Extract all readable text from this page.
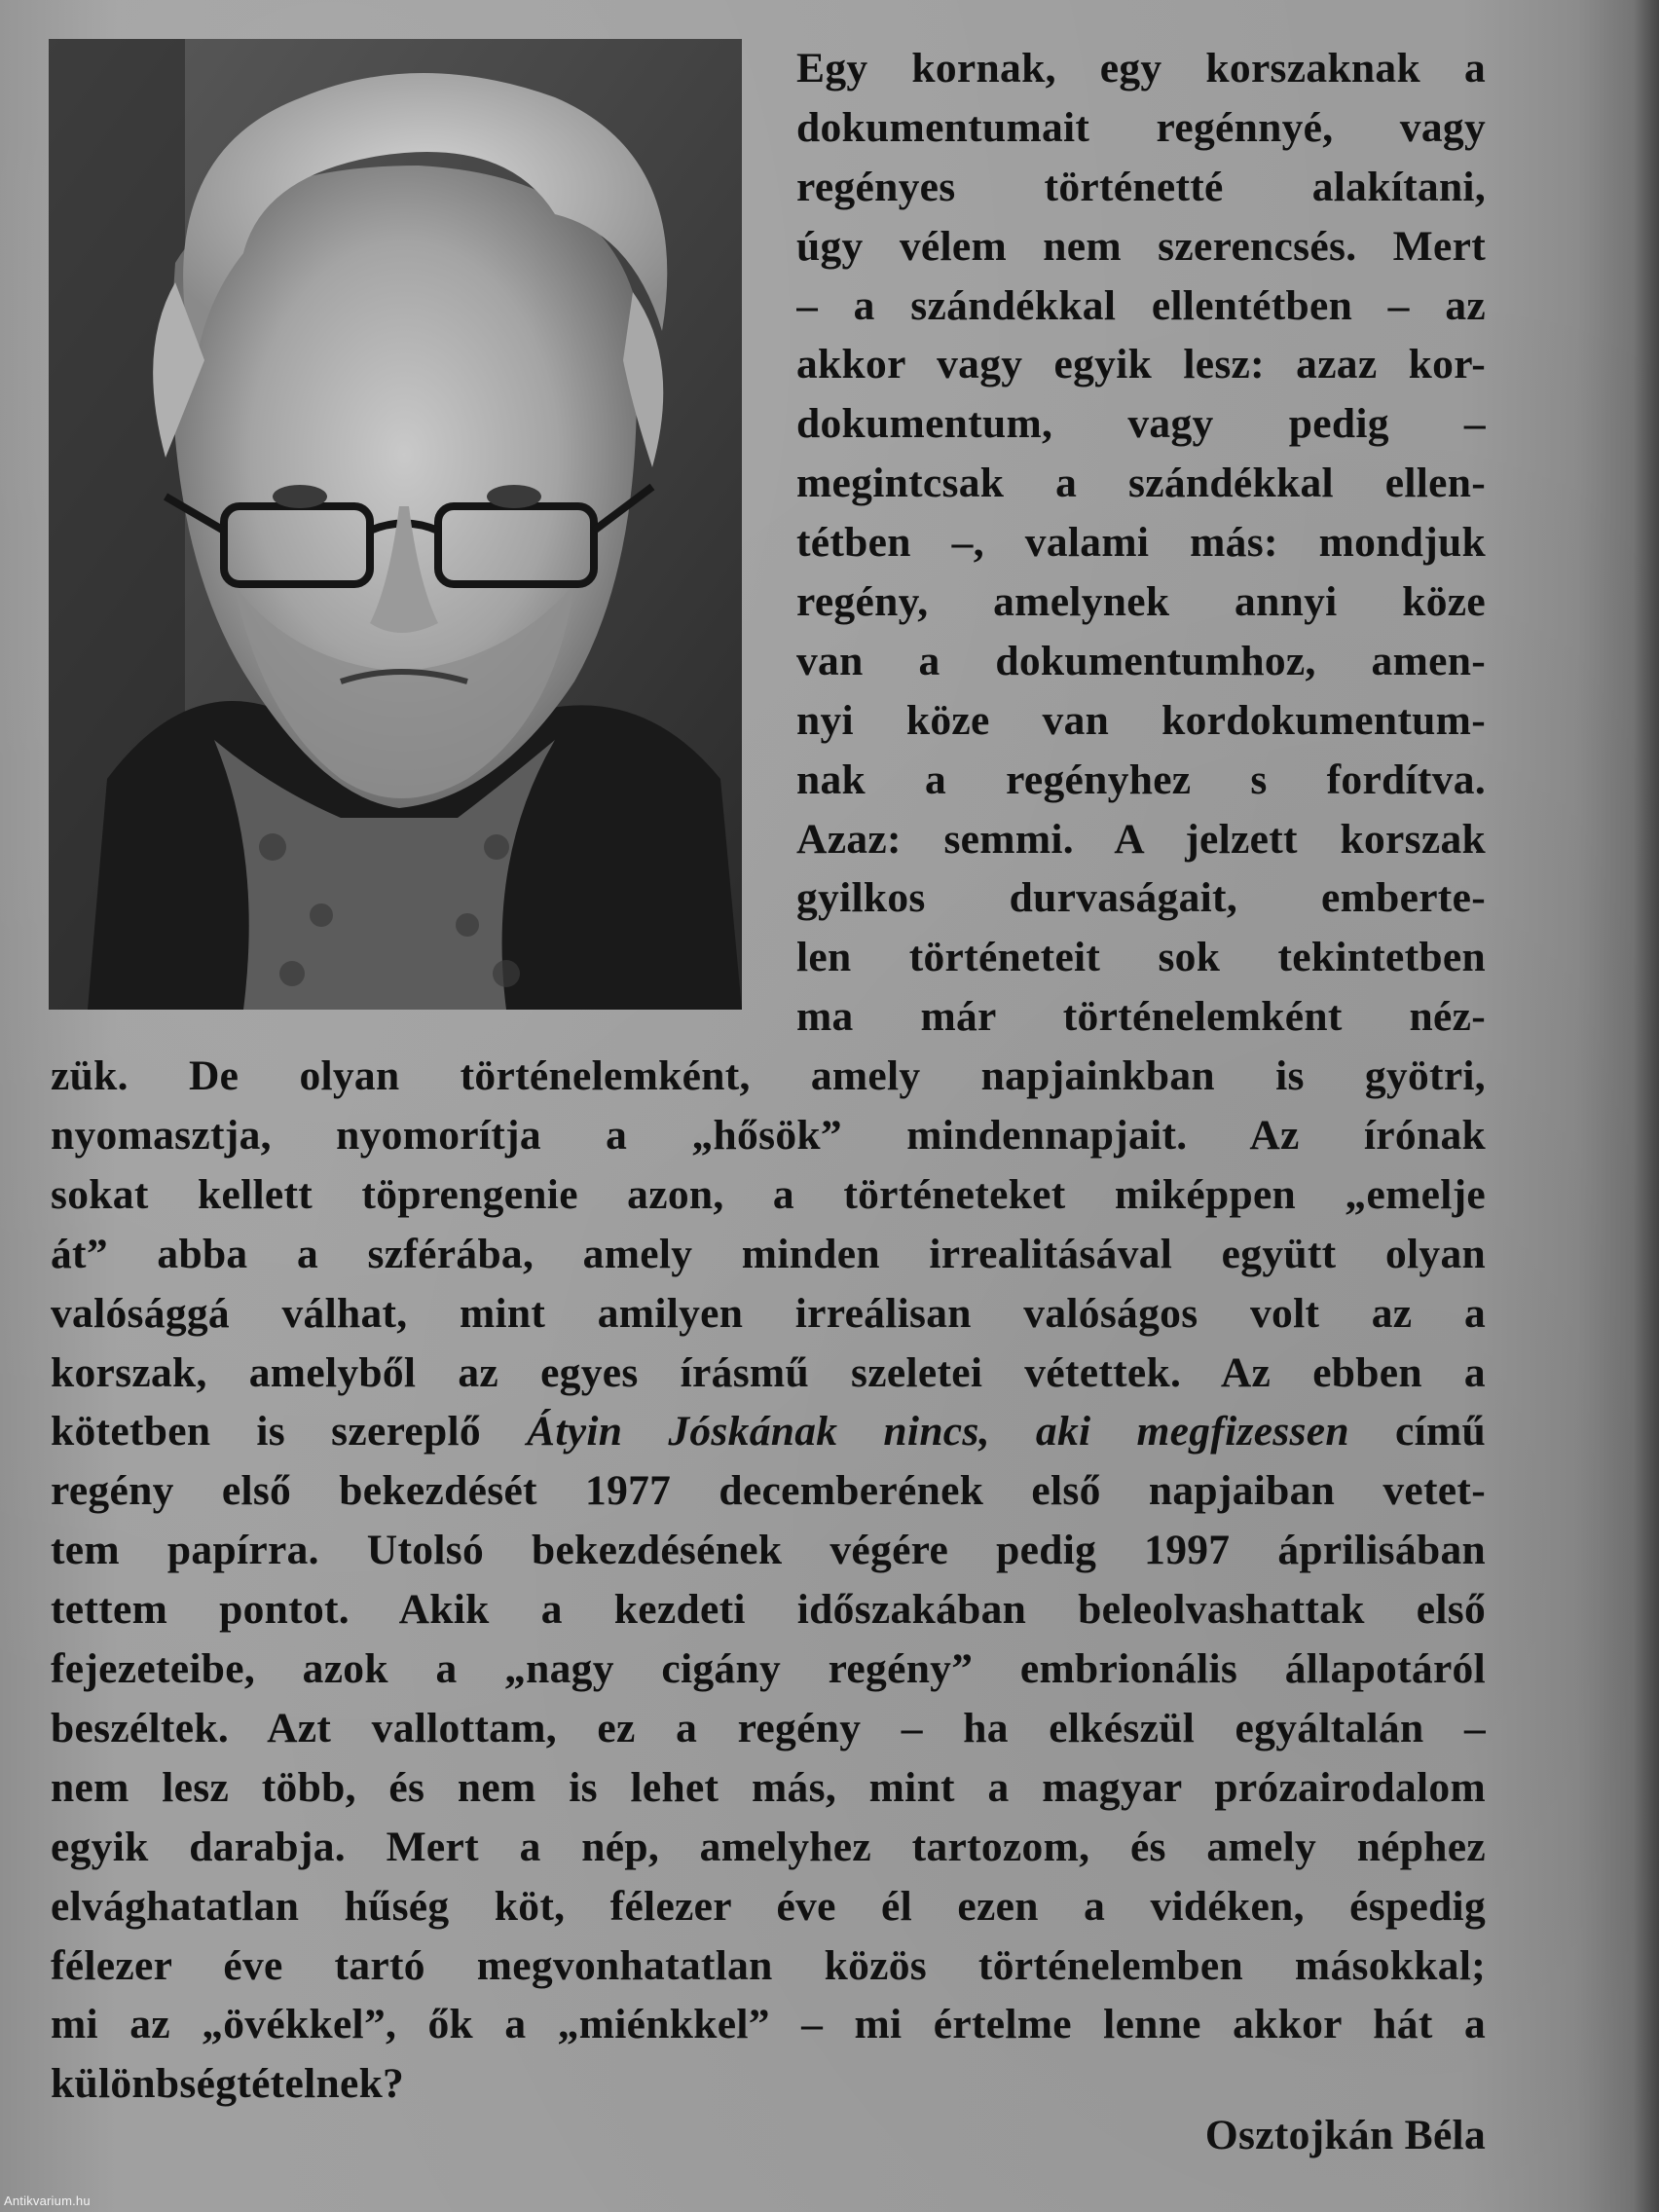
Egy kornak, egy korszaknak a
dokumentumait regénnyé, vagy
regényes történetté alakítani,
úgy vélem nem szerencsés. Mert
– a szándékkal ellentétben – az
akkor vagy egyik lesz: azaz kor-
dokumentum, vagy pedig –
megintcsak a szándékkal ellen-
tétben –, valami más: mondjuk
regény, amelynek annyi köze
van a dokumentumhoz, amen-
nyi köze van kordokumentum-
nak a regényhez s fordítva.
Azaz: semmi. A jelzett korszak
gyilkos durvaságait, emberte-
len történeteit sok tekintetben
ma már történelemként néz-
zük. De olyan történelemként, amely napjainkban is gyötri,
nyomasztja, nyomorítja a „hősök” mindennapjait. Az írónak
sokat kellett töprengenie azon, a történeteket miképpen „emelje
át” abba a szférába, amely minden irrealitásával együtt olyan
valósággá válhat, mint amilyen irreálisan valóságos volt az a
korszak, amelyből az egyes írásmű szeletei vétettek. Az ebben a
kötetben is szereplő Átyin Jóskának nincs, aki megfizessen című
regény első bekezdését 1977 decemberének első napjaiban vetet-
tem papírra. Utolsó bekezdésének végére pedig 1997 áprilisában
tettem pontot. Akik a kezdeti időszakában beleolvashattak első
fejezeteibe, azok a „nagy cigány regény” embrionális állapotáról
beszéltek. Azt vallottam, ez a regény – ha elkészül egyáltalán –
nem lesz több, és nem is lehet más, mint a magyar prózairodalom
egyik darabja. Mert a nép, amelyhez tartozom, és amely néphez
elvághatatlan hűség köt, félezer éve él ezen a vidéken, éspedig
félezer éve tartó megvonhatatlan közös történelemben másokkal;
mi az „övékkel”, ők a „miénkkel” – mi értelme lenne akkor hát a
különbségtételnek?
Osztojkán Béla
Antikvarium.hu
